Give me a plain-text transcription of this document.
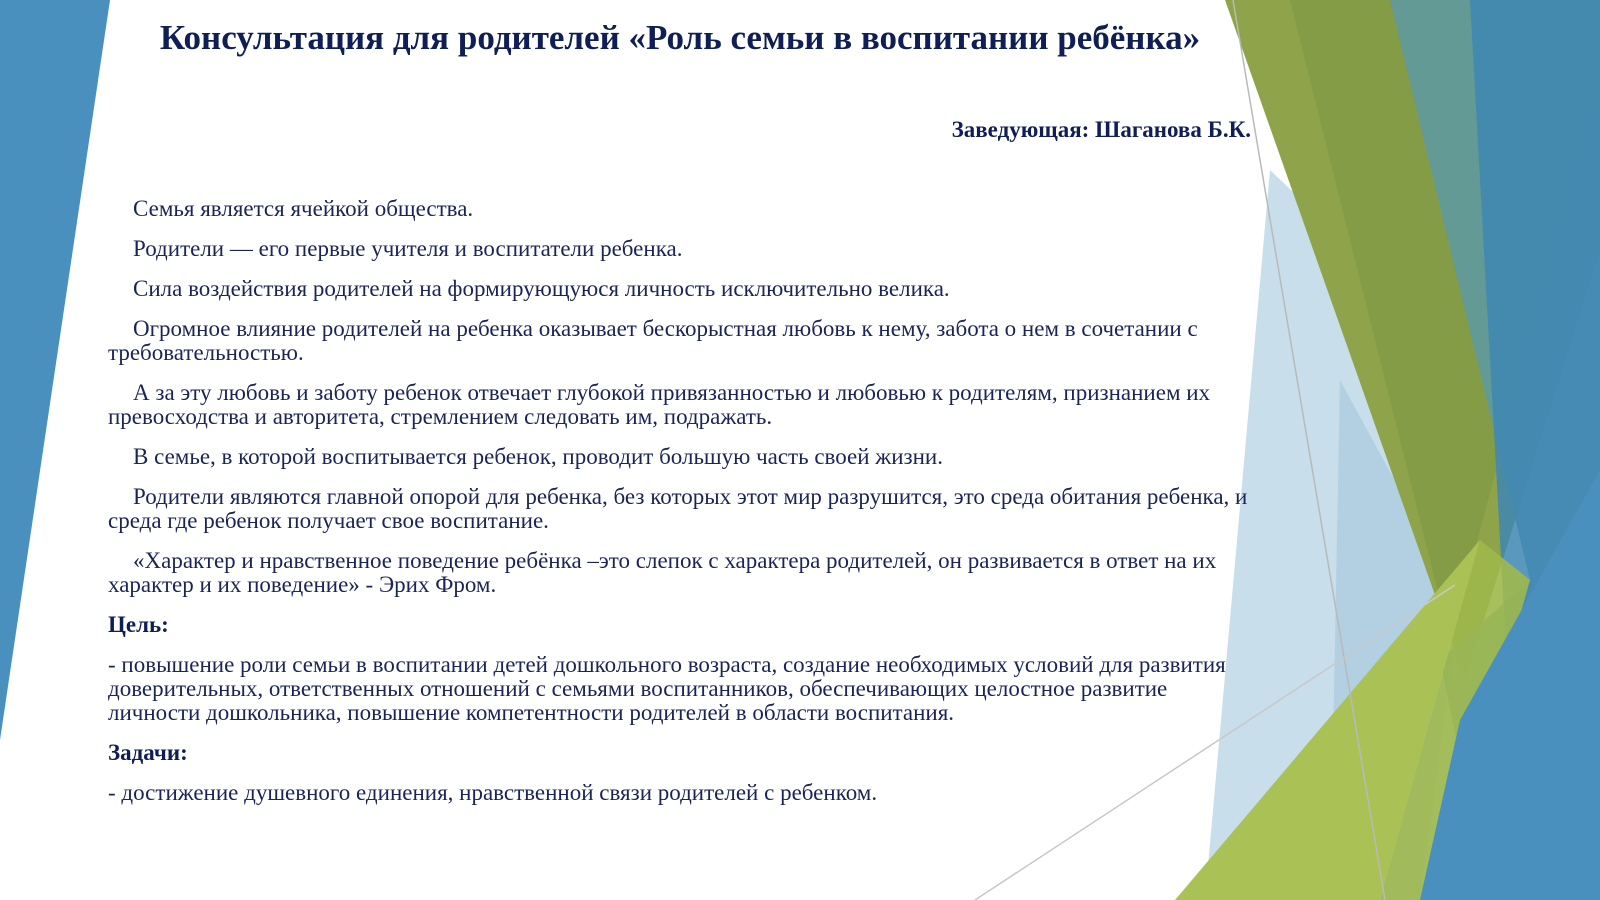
Консультация для родителей «Роль семьи в воспитании ребёнка»
Заведующая: Шаганова Б.К.

Семья является ячейкой общества.

Родители — его первые учителя и воспитатели ребенка.

Сила воздействия родителей на формирующуюся личность исключительно велика.

Огромное влияние родителей на ребенка оказывает бескорыстная любовь к нему, забота о нем в сочетании с требовательностью.

А за эту любовь и заботу ребенок отвечает глубокой привязанностью и любовью к родителям, признанием их превосходства и авторитета, стремлением следовать им, подражать.

В семье, в которой воспитывается ребенок, проводит большую часть своей жизни.

Родители являются главной опорой для ребенка, без которых этот мир разрушится, это среда обитания ребенка, и среда где ребенок получает свое воспитание.

«Характер и нравственное поведение ребёнка –это слепок с характера родителей, он развивается в ответ на их характер и их поведение» - Эрих Фром.

Цель:

- повышение роли семьи в воспитании детей дошкольного возраста, создание необходимых условий для развития доверительных, ответственных отношений с семьями воспитанников, обеспечивающих целостное развитие личности дошкольника, повышение компетентности родителей в области воспитания.

Задачи:

- достижение душевного единения, нравственной связи родителей с ребенком.
